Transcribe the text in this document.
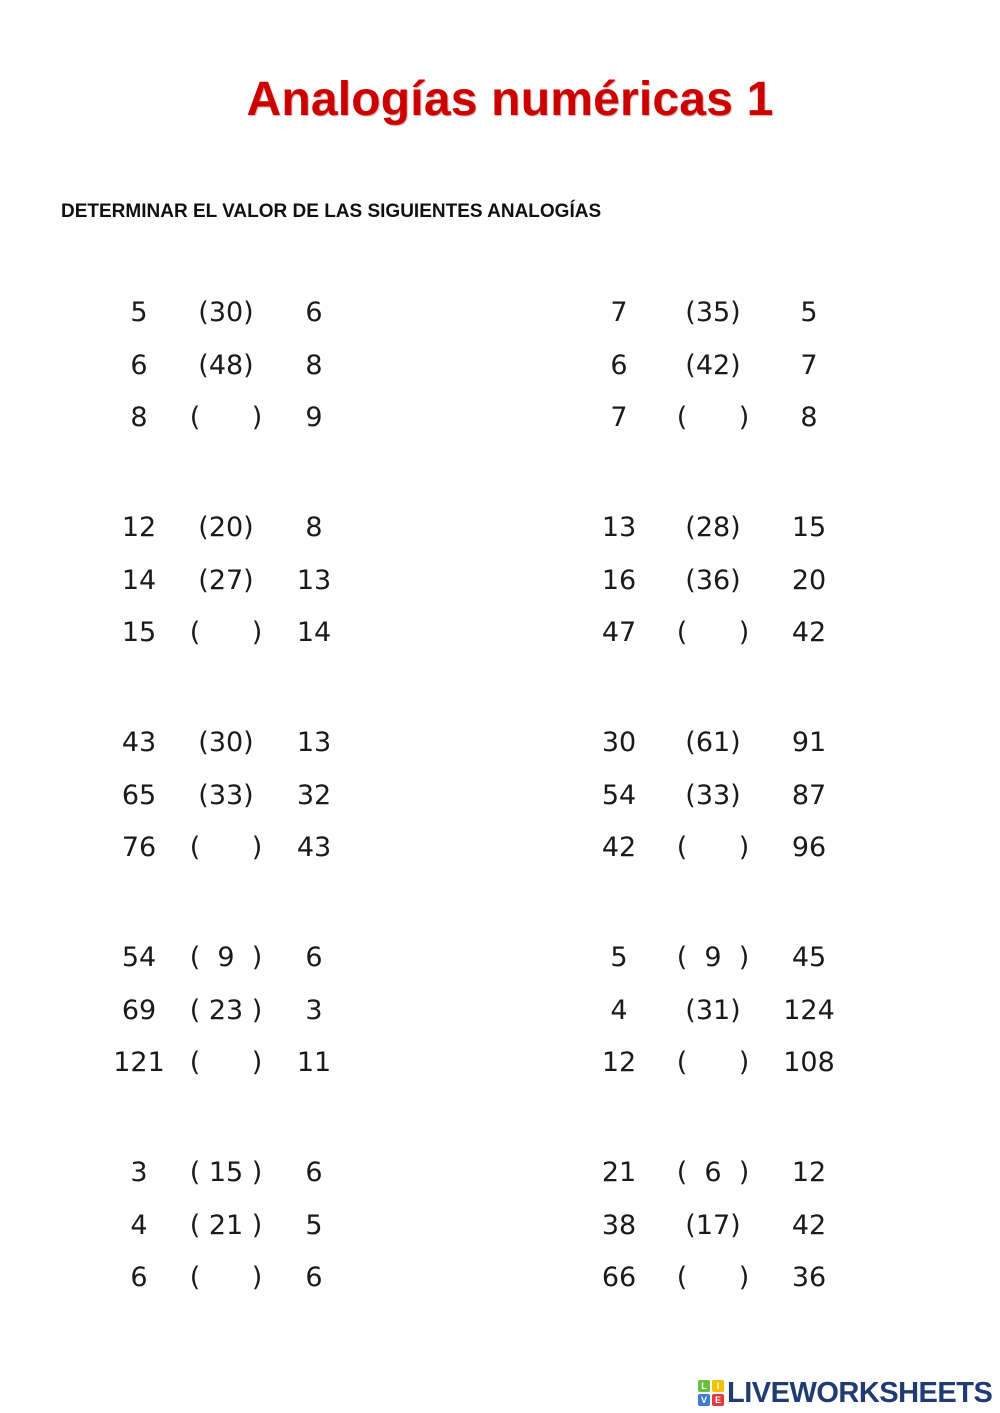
Analogías numéricas 1
DETERMINAR EL VALOR DE LAS SIGUIENTES ANALOGÍAS
5	(30)	6
6	(48)	8
8	(      )	9
7	(35)	5
6	(42)	7
7	(      )	8
12	(20)	8
14	(27)	13
15	(      )	14
13	(28)	15
16	(36)	20
47	(      )	42
43	(30)	13
65	(33)	32
76	(      )	43
30	(61)	91
54	(33)	87
42	(      )	96
54	(  9  )	6
69	( 23 )	3
121 (      )	11
5	(  9  )	45
4	(31)	124
12	(      )	108
3	( 15 )	6
4	( 21 )	5
6	(      )	6
21	(  6  )	12
38	(17)	42
66	(      )	36
L	I
V E LIVEWORKSHEETS
